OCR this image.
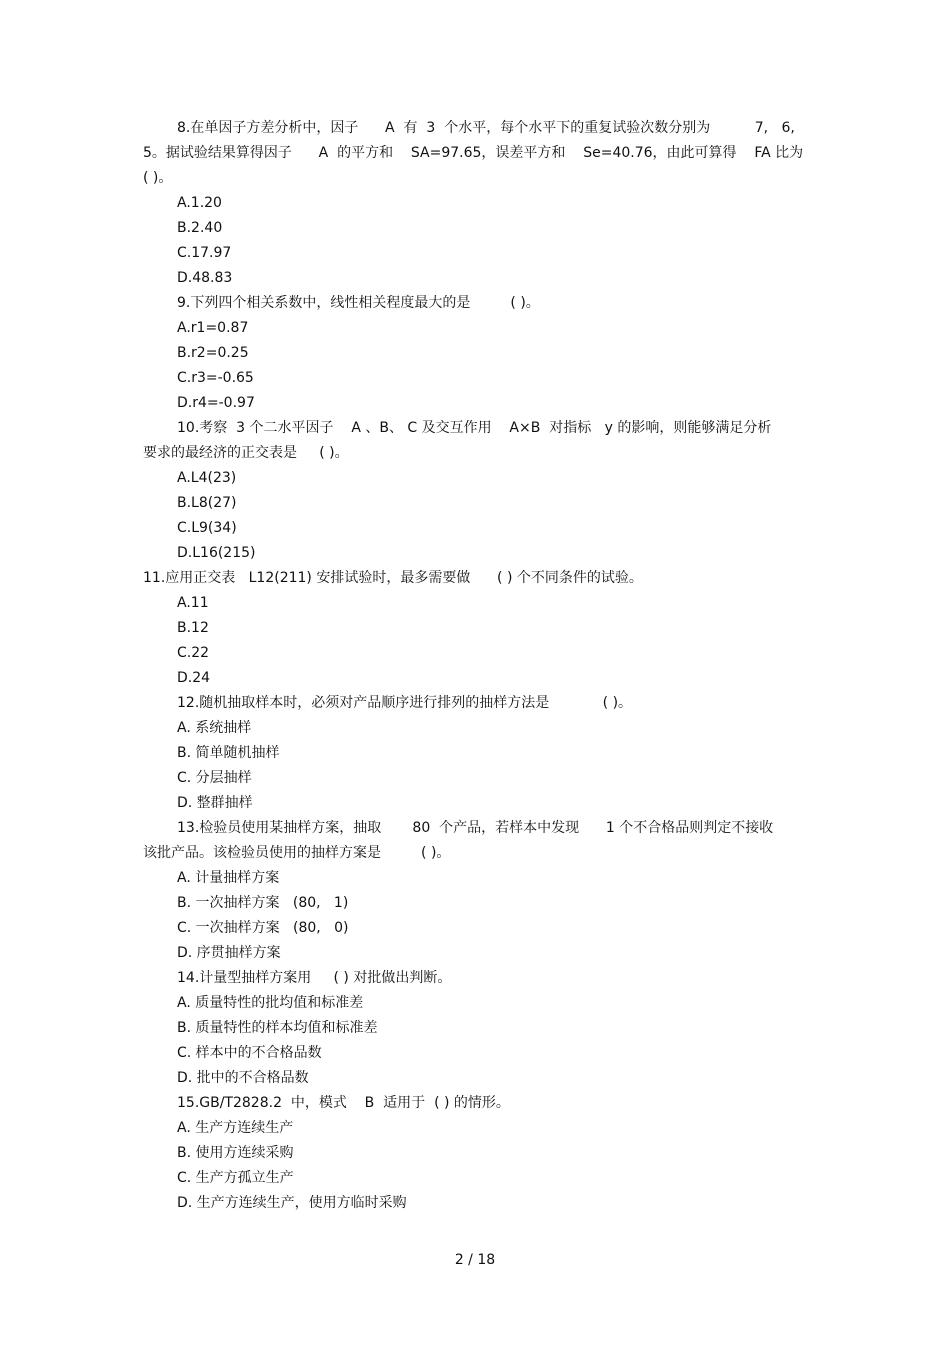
8.在单因子方差分析中，因子      A  有  3  个水平，每个水平下的重复试验次数分别为          7,   6,
5。据试验结果算得因子      A  的平方和    SA=97.65，误差平方和    Se=40.76，由此可算得    FA 比为
( )。
A.1.20
B.2.40
C.17.97
D.48.83
9.下列四个相关系数中，线性相关程度最大的是         ( )。
A.r1=0.87
B.r2=0.25
C.r3=-0.65
D.r4=-0.97
10.考察  3 个二水平因子    A 、B、 C 及交互作用    A×B  对指标   y 的影响，则能够满足分析
要求的最经济的正交表是     ( )。
A.L4(23)
B.L8(27)
C.L9(34)
D.L16(215)
11.应用正交表   L12(211) 安排试验时，最多需要做      ( ) 个不同条件的试验。
A.11
B.12
C.22
D.24
12.随机抽取样本时，必须对产品顺序进行排列的抽样方法是            ( )。
A. 系统抽样
B. 简单随机抽样
C. 分层抽样
D. 整群抽样
13.检验员使用某抽样方案，抽取       80  个产品，若样本中发现      1 个不合格品则判定不接收
该批产品。该检验员使用的抽样方案是         ( )。
A. 计量抽样方案
B. 一次抽样方案   (80,   1)
C. 一次抽样方案   (80,   0)
D. 序贯抽样方案
14.计量型抽样方案用     ( ) 对批做出判断。
A. 质量特性的批均值和标准差
B. 质量特性的样本均值和标准差
C. 样本中的不合格品数
D. 批中的不合格品数
15.GB/T2828.2  中，模式    B  适用于  ( ) 的情形。
A. 生产方连续生产
B. 使用方连续采购
C. 生产方孤立生产
D. 生产方连续生产，使用方临时采购
2 / 18
